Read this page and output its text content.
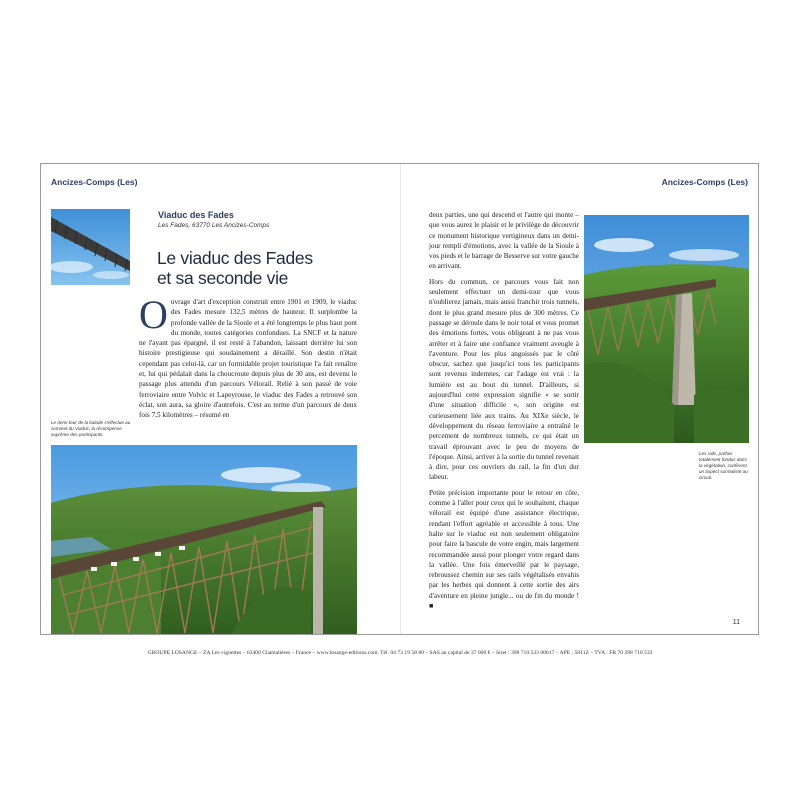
Ancizes-Comps (Les)	Ancizes-Comps (Les)
Viaduc des Fades
Les Fades, 63770 Les Ancizes-Comps
Le viaduc des Fades
et sa seconde vie

Ouvrage d'art d'exception construit entre 1901 et 1909, le viaduc des Fades mesure 132,5 mètres de hauteur. Il surplombe la profonde vallée de la Sioule et a été longtemps le plus haut pont du monde, toutes catégories confondues. La SNCF et la nature ne l'ayant pas épargné, il est resté à l'abandon, laissant derrière lui son histoire prestigieuse qui soudainement a déraillé. Son destin n'était cependant pas celui-là, car un formidable projet touristique l'a fait renaître et, lui qui pédalait dans la choucroute depuis plus de 30 ans, est devenu le passage plus attendu d'un parcours Vélorail. Relié à son passé de voie ferroviaire entre Volvic et Lapeyrouse, le viaduc des Fades a retrouvé son éclat, son aura, sa gloire d'autrefois. C'est au terme d'un parcours de deux fois 7,5 kilomètres – résumé en

Le demi-tour de la balade s'effectue au sommet du Viaduc, la récompense suprême des participants.

deux parties, une qui descend et l'autre qui monte – que vous aurez le plaisir et le privilège de découvrir ce monument historique vertigineux dans un demi-jour rempli d'émotions, avec la vallée de la Sioule à vos pieds et le barrage de Besserve sur votre gauche en arrivant.

Hors du commun, ce parcours vous fait non seulement effectuer un demi-tour que vous n'oublierez jamais, mais aussi franchir trois tunnels, dont le plus grand mesure plus de 300 mètres. Ce passage se déroule dans le noir total et vous promet des émotions fortes, vous obligeant à ne pas vous arrêter et à faire une confiance vraiment aveugle à l'aventure. Pour les plus angoissés par le côté obscur, sachez que jusqu'ici tous les participants sont revenus indemnes, car l'adage est vrai : la lumière est au bout du tunnel. D'ailleurs, si aujourd'hui cette expression signifie « se sortir d'une situation difficile », son origine est curieusement liée aux trains. Au XIXe siècle, le développement du réseau ferroviaire a entraîné le percement de nombreux tunnels, ce qui était un travail éprouvant avec le peu de moyens de l'époque. Ainsi, arriver à la sortie du tunnel revenait à dire, pour ces ouvriers du rail, la fin d'un dur labeur.

Petite précision importante pour le retour en côte, comme à l'aller pour ceux qui le souhaitent, chaque vélorail est équipé d'une assistance électrique, rendant l'effort agréable et accessible à tous. Une halte sur le viaduc est non seulement obligatoire pour faire la bascule de votre engin, mais largement recommandée aussi pour plonger votre regard dans la vallée. Une fois émerveillé par le paysage, rebroussez chemin sur ses rails végétalisés envahis par les herbes qui donnent à cette sortie des airs d'aventure en pleine jungle... ou de fin du monde ! ■

Les rails, parfois totalement fondus dans la végétation, confèrent un aspect surréaliste au circuit.
11
GROUPE LOSANGE – ZA Les vignettes – 63400 Chamalières – France – www.losange-editions.com. Tél. 04 73 19 58 80 – SAS au capital de 37 000 € – Siret : 398 710 533 00017 – APE : 5811Z – TVA : FR 70 398 710 533
